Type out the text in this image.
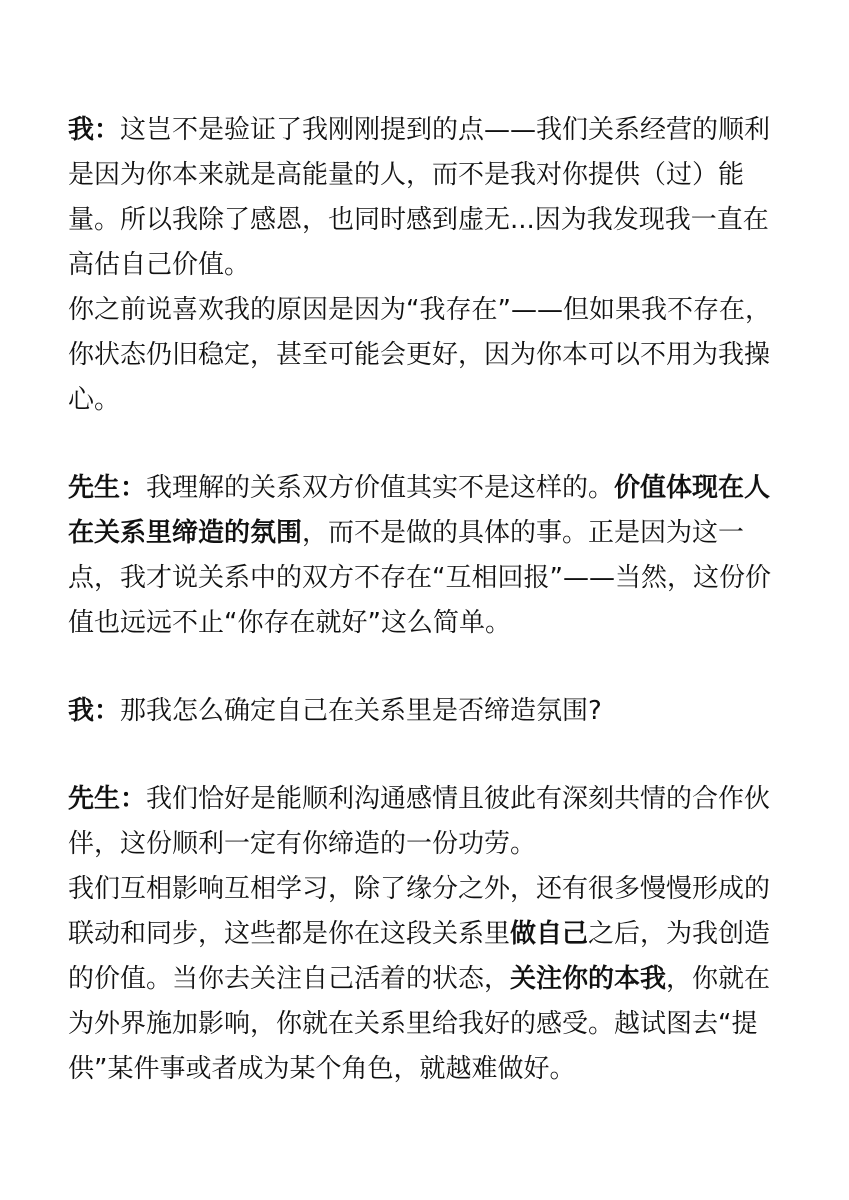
我：这岂不是验证了我刚刚提到的点——我们关系经营的顺利是因为你本来就是高能量的人，而不是我对你提供（过）能量。所以我除了感恩，也同时感到虚无...因为我发现我一直在高估自己价值。

你之前说喜欢我的原因是因为“我存在”——但如果我不存在，你状态仍旧稳定，甚至可能会更好，因为你本可以不用为我操心。

先生：我理解的关系双方价值其实不是这样的。价值体现在人在关系里缔造的氛围，而不是做的具体的事。正是因为这一点，我才说关系中的双方不存在“互相回报”——当然，这份价值也远远不止“你存在就好”这么简单。

我：那我怎么确定自己在关系里是否缔造氛围?

先生：我们恰好是能顺利沟通感情且彼此有深刻共情的合作伙伴，这份顺利一定有你缔造的一份功劳。

我们互相影响互相学习，除了缘分之外，还有很多慢慢形成的联动和同步，这些都是你在这段关系里做自己之后，为我创造的价值。当你去关注自己活着的状态，关注你的本我，你就在为外界施加影响，你就在关系里给我好的感受。越试图去“提供”某件事或者成为某个角色，就越难做好。
